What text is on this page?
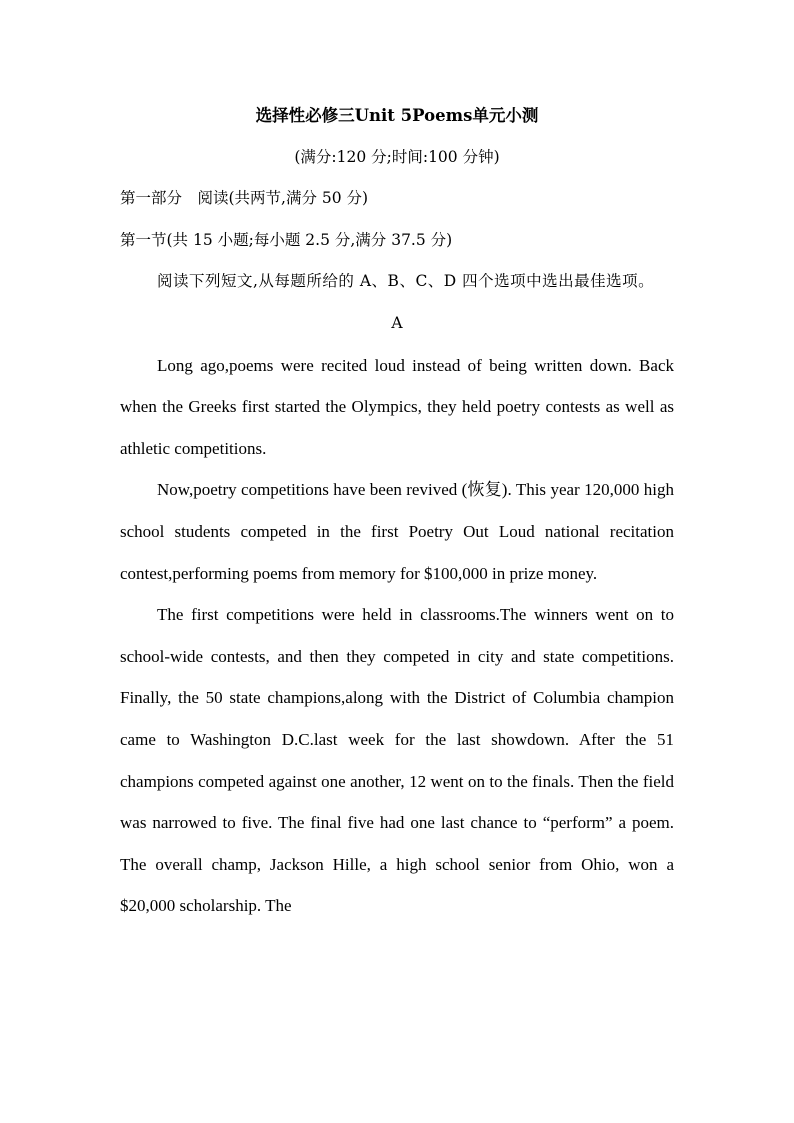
选择性必修三Unit 5Poems单元小测

(满分:120 分;时间:100 分钟)

第一部分　阅读(共两节,满分 50 分)

第一节(共 15 小题;每小题 2.5 分,满分 37.5 分)

阅读下列短文,从每题所给的 A、B、C、D 四个选项中选出最佳选项。

A

Long ago,poems were recited loud instead of being written down. Back when the Greeks first started the Olympics, they held poetry contests as well as athletic competitions.

Now,poetry competitions have been revived (恢复). This year 120,000 high school students competed in the first Poetry Out Loud national recitation contest,performing poems from memory for $100,000 in prize money.

The first competitions were held in classrooms.The winners went on to school-wide contests, and then they competed in city and state competitions. Finally, the 50 state champions,along with the District of Columbia champion came to Washington D.C.last week for the last showdown. After the 51 champions competed against one another, 12 went on to the finals. Then the field was narrowed to five. The final five had one last chance to “perform” a poem. The overall champ, Jackson Hille, a high school senior from Ohio, won a $20,000 scholarship. The
